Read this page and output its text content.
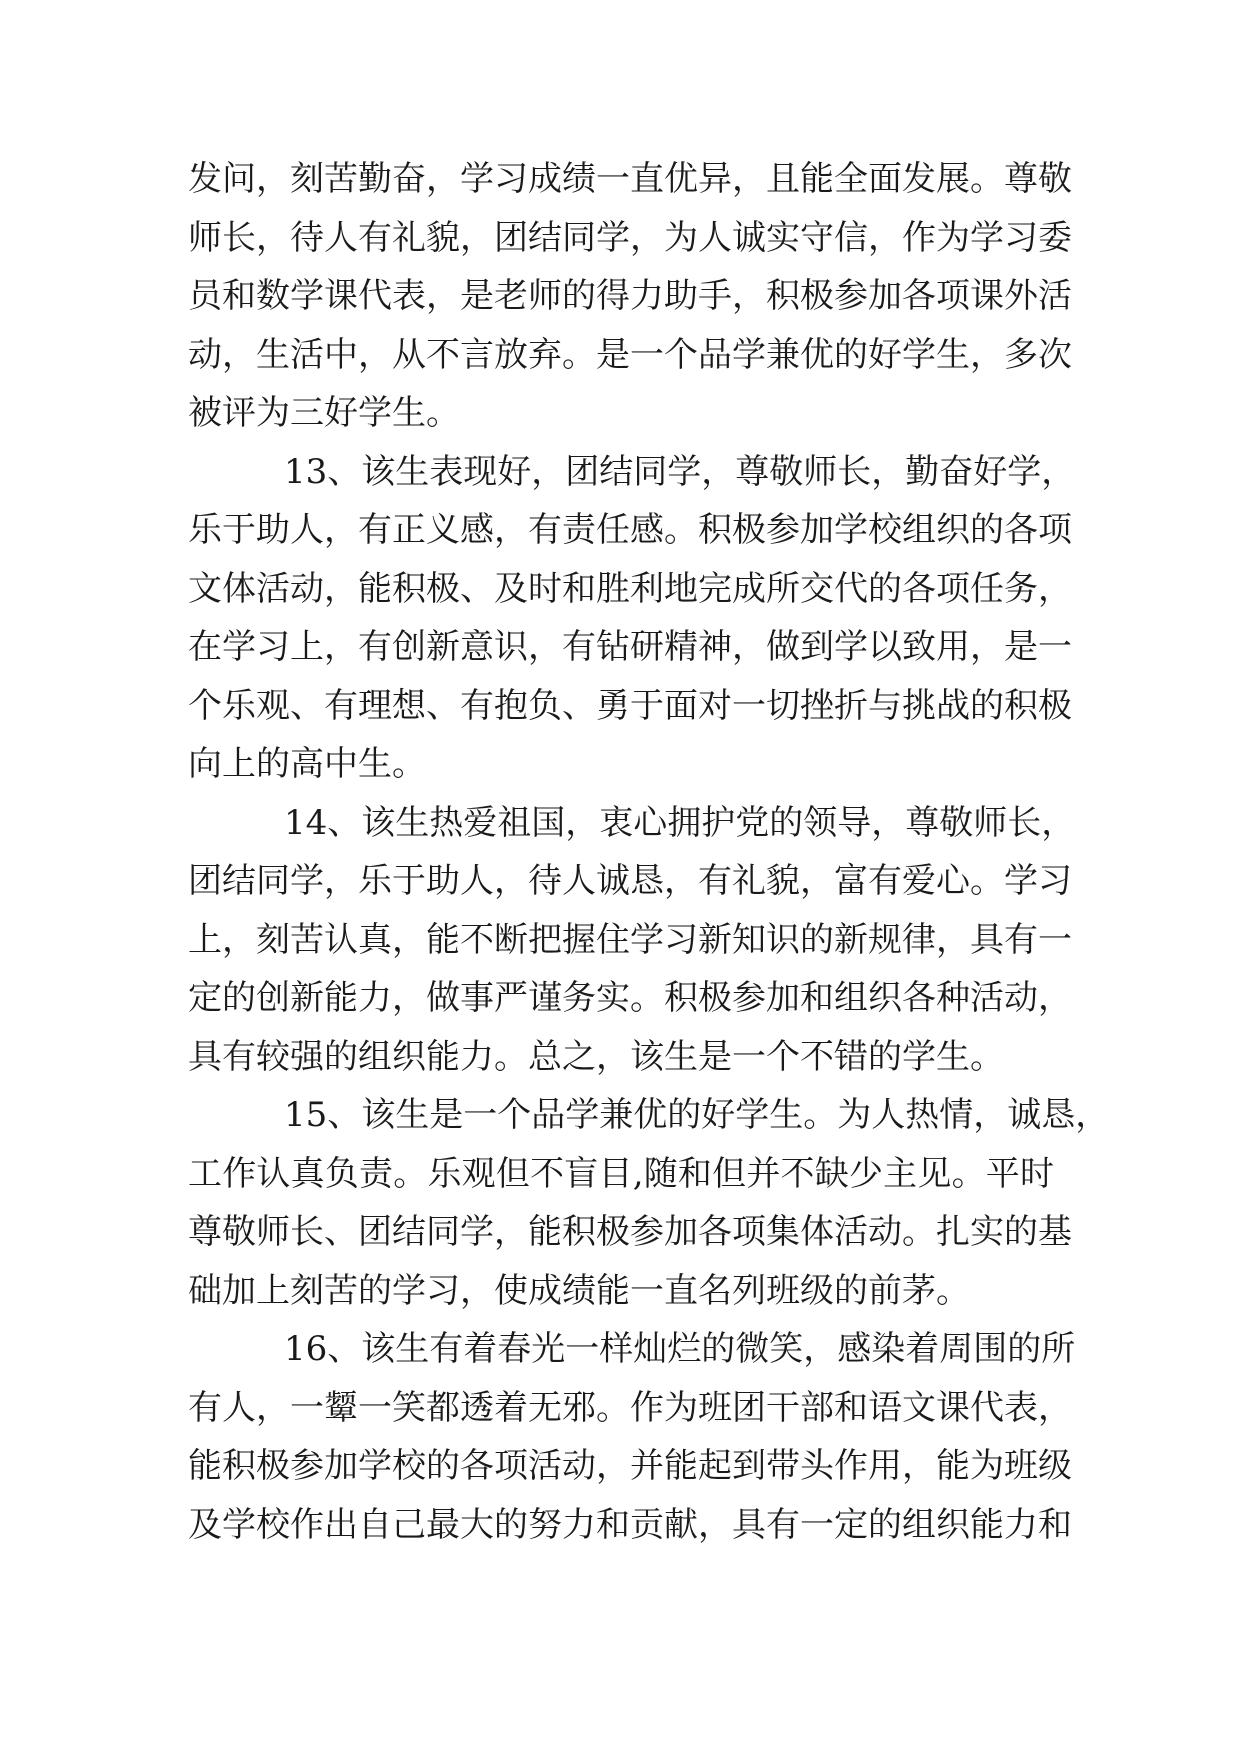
发问，刻苦勤奋，学习成绩一直优异，且能全面发展。尊敬
师长，待人有礼貌，团结同学，为人诚实守信，作为学习委
员和数学课代表，是老师的得力助手，积极参加各项课外活
动，生活中，从不言放弃。是一个品学兼优的好学生，多次
被评为三好学生。
13、该生表现好，团结同学，尊敬师长，勤奋好学，
乐于助人，有正义感，有责任感。积极参加学校组织的各项
文体活动，能积极、及时和胜利地完成所交代的各项任务，
在学习上，有创新意识，有钻研精神，做到学以致用，是一
个乐观、有理想、有抱负、勇于面对一切挫折与挑战的积极
向上的高中生。
14、该生热爱祖国，衷心拥护党的领导，尊敬师长，
团结同学，乐于助人，待人诚恳，有礼貌，富有爱心。学习
上，刻苦认真，能不断把握住学习新知识的新规律，具有一
定的创新能力，做事严谨务实。积极参加和组织各种活动，
具有较强的组织能力。总之，该生是一个不错的学生。
15、该生是一个品学兼优的好学生。为人热情，诚恳，
工作认真负责。乐观但不盲目,随和但并不缺少主见。平时
尊敬师长、团结同学，能积极参加各项集体活动。扎实的基
础加上刻苦的学习，使成绩能一直名列班级的前茅。
16、该生有着春光一样灿烂的微笑，感染着周围的所
有人，一颦一笑都透着无邪。作为班团干部和语文课代表，
能积极参加学校的各项活动，并能起到带头作用，能为班级
及学校作出自己最大的努力和贡献，具有一定的组织能力和
